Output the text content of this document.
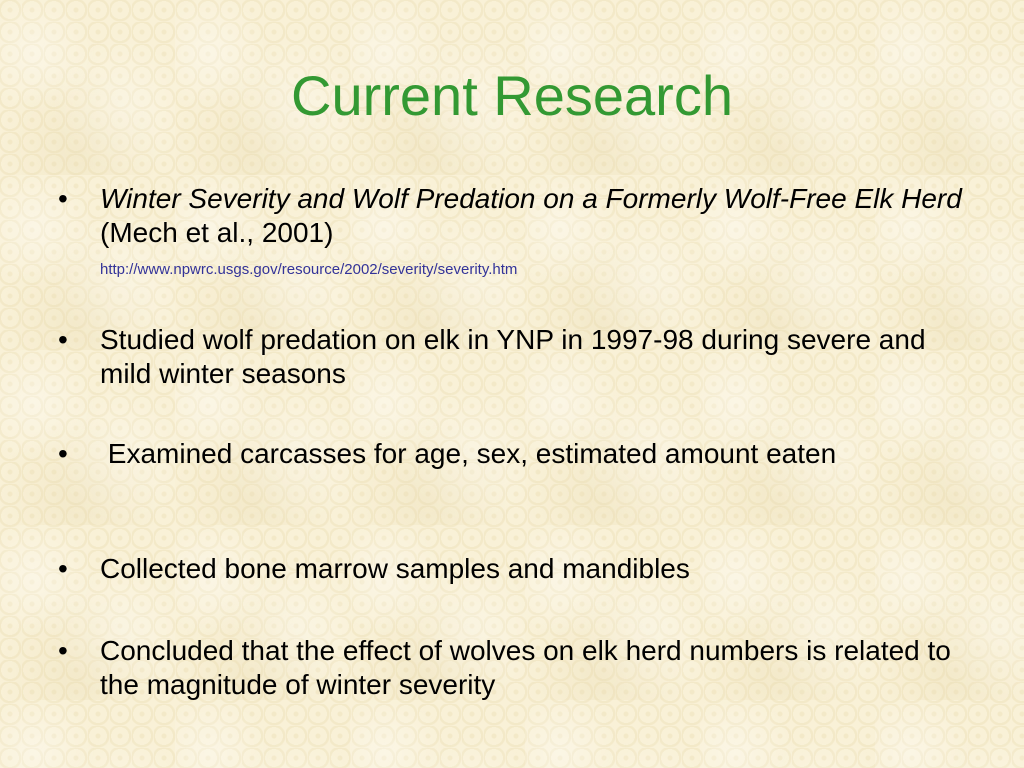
Current Research
•	Winter Severity and Wolf Predation on a Formerly Wolf-Free Elk Herd (Mech et al., 2001)
http://www.npwrc.usgs.gov/resource/2002/severity/severity.htm
•	Studied wolf predation on elk in YNP in 1997-98 during severe and mild winter seasons
•	Examined carcasses for age, sex, estimated amount eaten
•	Collected bone marrow samples and mandibles
•	Concluded that the effect of wolves on elk herd numbers is related to the magnitude of winter severity
